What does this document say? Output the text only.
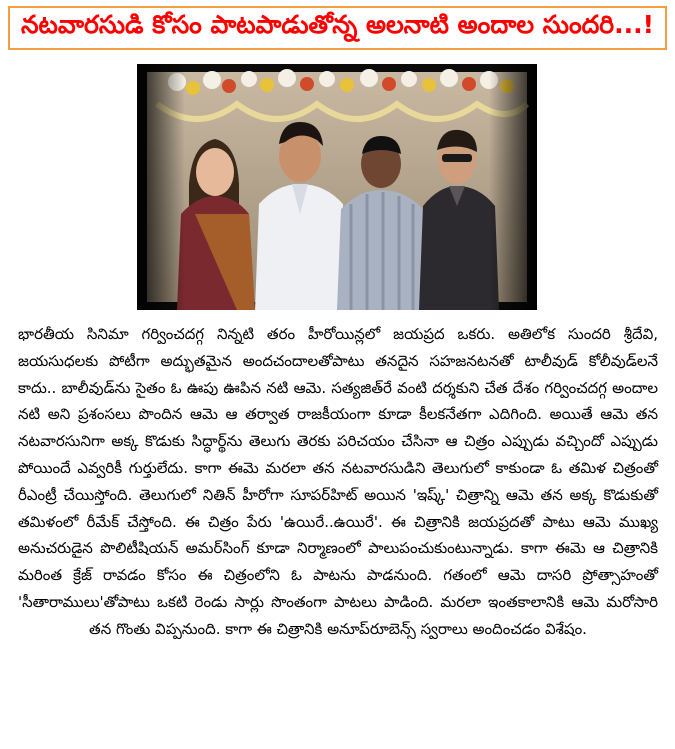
నటవారసుడి కోసం పాటపాడుతోన్న అలనాటి అందాల సుందరి...!
భారతీయ సినిమా గర్వించదగ్గ నిన్నటి తరం హీరోయిన్లలో జయప్రద ఒకరు. అతిలోక సుందరి శ్రీదేవి, జయసుధలకు పోటీగా అద్భుతమైన అందచందాలతోపాటు తనదైన సహజనటనతో టాలీవుడ్ కోలీవుడ్‌లనే కాదు.. బాలీవుడ్‌ను సైతం ఓ ఊపు ఊపిన నటి ఆమె. సత్యజిత్‌రే వంటి దర్శకుని చేత దేశం గర్వించదగ్గ అందాల నటి అని ప్రశంసలు పొందిన ఆమె ఆ తర్వాత రాజకీయంగా కూడా కీలకనేతగా ఎదిగింది. అయితే ఆమె తన నటవారసునిగా అక్క కొడుకు సిద్ధార్థ్‌ను తెలుగు తెరకు పరిచయం చేసినా ఆ చిత్రం ఎప్పుడు వచ్చిందో ఎప్పుడు పోయిందే ఎవ్వరికీ గుర్తులేదు. కాగా ఈమె మరలా తన నటవారసుడిని తెలుగులో కాకుండా ఓ తమిళ చిత్రంతో రీఎంట్రీ చేయిస్తోంది. తెలుగులో నితిన్ హీరోగా సూపర్‌హిట్ అయిన 'ఇష్క్' చిత్రాన్ని ఆమె తన అక్క కొడుకుతో తమిళంలో రీమేక్ చేస్తోంది. ఈ చిత్రం పేరు 'ఉయిరే..ఉయిరే'. ఈ చిత్రానికి జయప్రదతో పాటు ఆమె ముఖ్య అనుచరుడైన పొలిటీషియన్ అమర్‌సింగ్ కూడా నిర్మాణంలో పాలుపంచుకుంటున్నాడు. కాగా ఈమె ఆ చిత్రానికి మరింత క్రేజ్ రావడం కోసం ఈ చిత్రంలోని ఓ పాటను పాడనుంది. గతంలో ఆమె దాసరి ప్రోత్సాహంతో 'సీతారాములు'తోపాటు ఒకటి రెండు సార్లు సొంతంగా పాటలు పాడింది. మరలా ఇంతకాలానికి ఆమె మరోసారి తన గొంతు విప్పనుంది. కాగా ఈ చిత్రానికి అనూప్‌రూబెన్స్ స్వరాలు అందించడం విశేషం.
